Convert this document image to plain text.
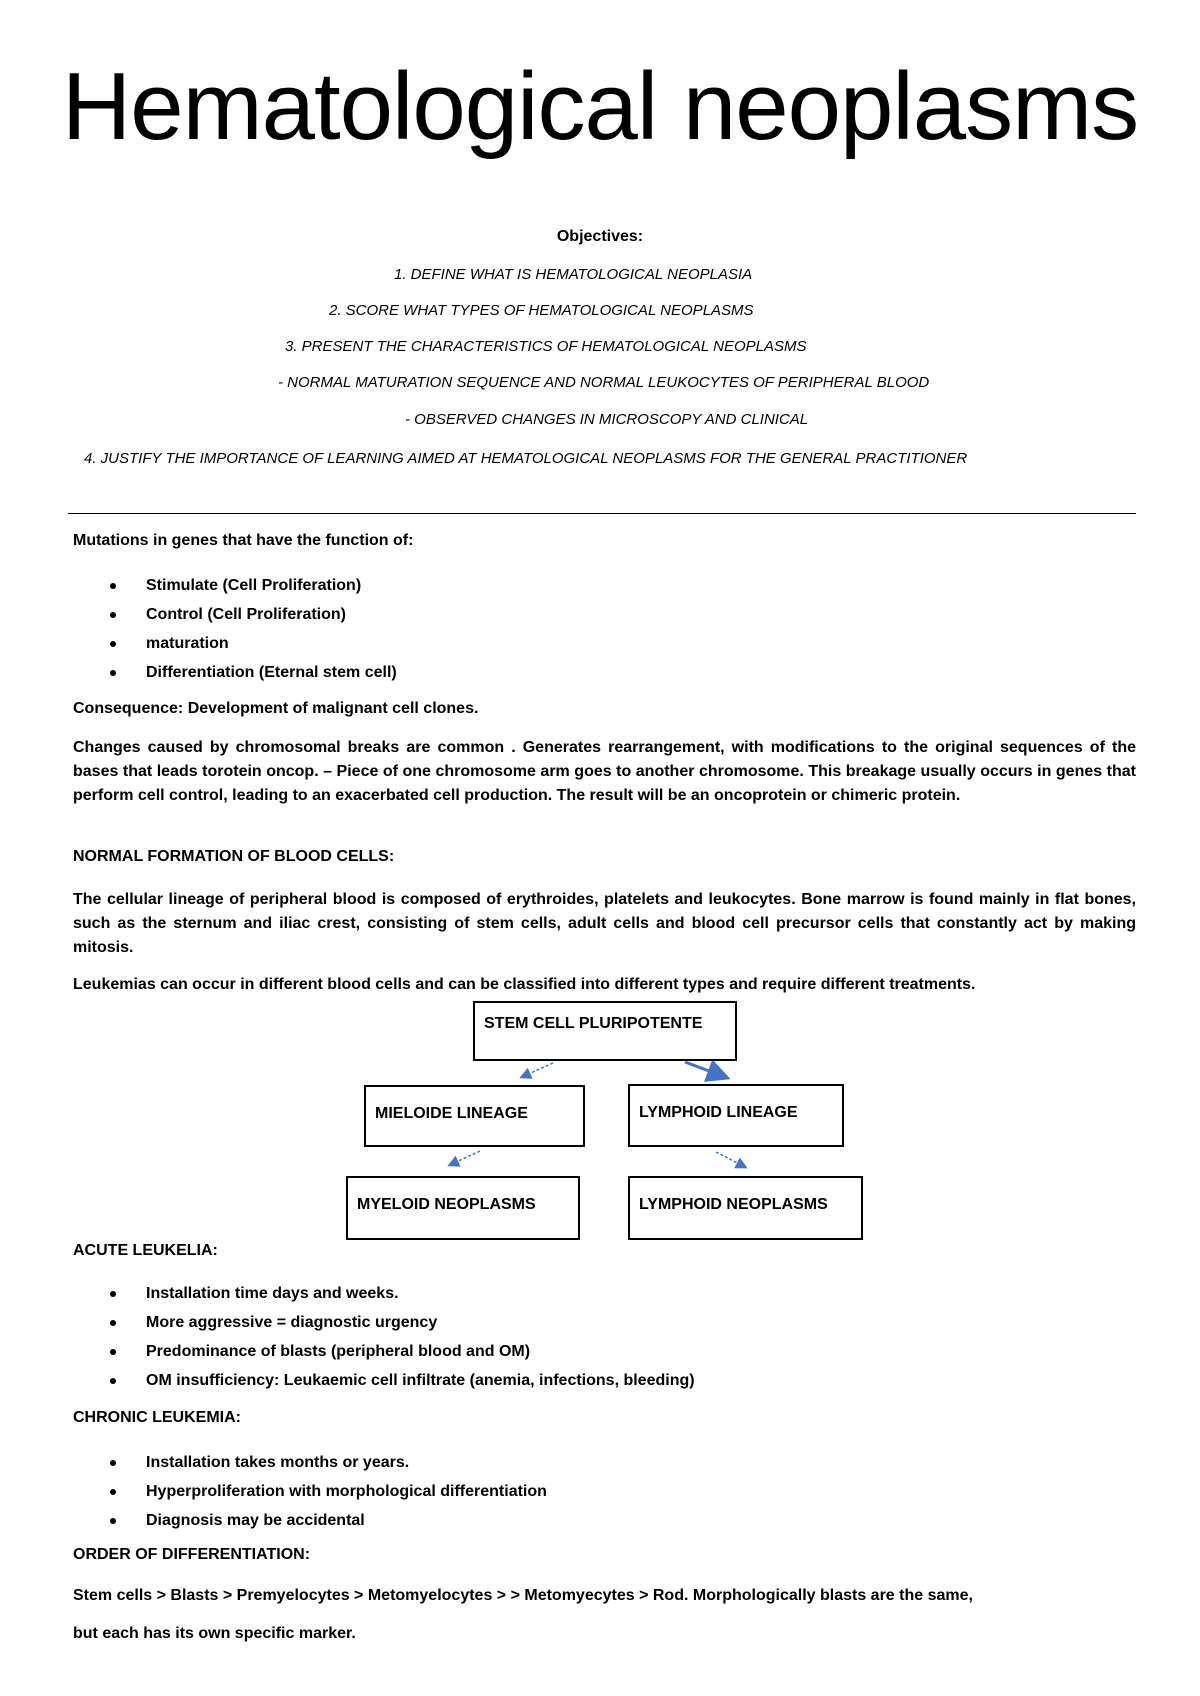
Hematological neoplasms
Objectives:
1. DEFINE WHAT IS HEMATOLOGICAL NEOPLASIA
2. SCORE WHAT TYPES OF HEMATOLOGICAL NEOPLASMS
3. PRESENT THE CHARACTERISTICS OF HEMATOLOGICAL NEOPLASMS
- NORMAL MATURATION SEQUENCE AND NORMAL LEUKOCYTES OF PERIPHERAL BLOOD
- OBSERVED CHANGES IN MICROSCOPY AND CLINICAL
4. JUSTIFY THE IMPORTANCE OF LEARNING AIMED AT HEMATOLOGICAL NEOPLASMS FOR THE GENERAL PRACTITIONER
Mutations in genes that have the function of:
Stimulate (Cell Proliferation)
Control (Cell Proliferation)
maturation
Differentiation (Eternal stem cell)
Consequence: Development of malignant cell clones.
Changes caused by chromosomal breaks are common . Generates rearrangement, with modifications to the original sequences of the bases that leads torotein oncop. – Piece of one chromosome arm goes to another chromosome. This breakage usually occurs in genes that perform cell control, leading to an exacerbated cell production. The result will be an oncoprotein or chimeric protein.
NORMAL FORMATION OF BLOOD CELLS:
The cellular lineage of peripheral blood is composed of erythroides, platelets and leukocytes. Bone marrow is found mainly in flat bones, such as the sternum and iliac crest, consisting of stem cells, adult cells and blood cell precursor cells that constantly act by making mitosis.
Leukemias can occur in different blood cells and can be classified into different types and require different treatments.
STEM CELL PLURIPOTENTE
MIELOIDE LINEAGE	LYMPHOID LINEAGE
MYELOID NEOPLASMS	LYMPHOID NEOPLASMS
ACUTE LEUKELIA:
Installation time days and weeks.
More aggressive = diagnostic urgency
Predominance of blasts (peripheral blood and OM)
OM insufficiency: Leukaemic cell infiltrate (anemia, infections, bleeding)
CHRONIC LEUKEMIA:
Installation takes months or years.
Hyperproliferation with morphological differentiation
Diagnosis may be accidental
ORDER OF DIFFERENTIATION:
Stem cells > Blasts > Premyelocytes > Metomyelocytes > > Metomyecytes > Rod. Morphologically blasts are the same,
but each has its own specific marker.
